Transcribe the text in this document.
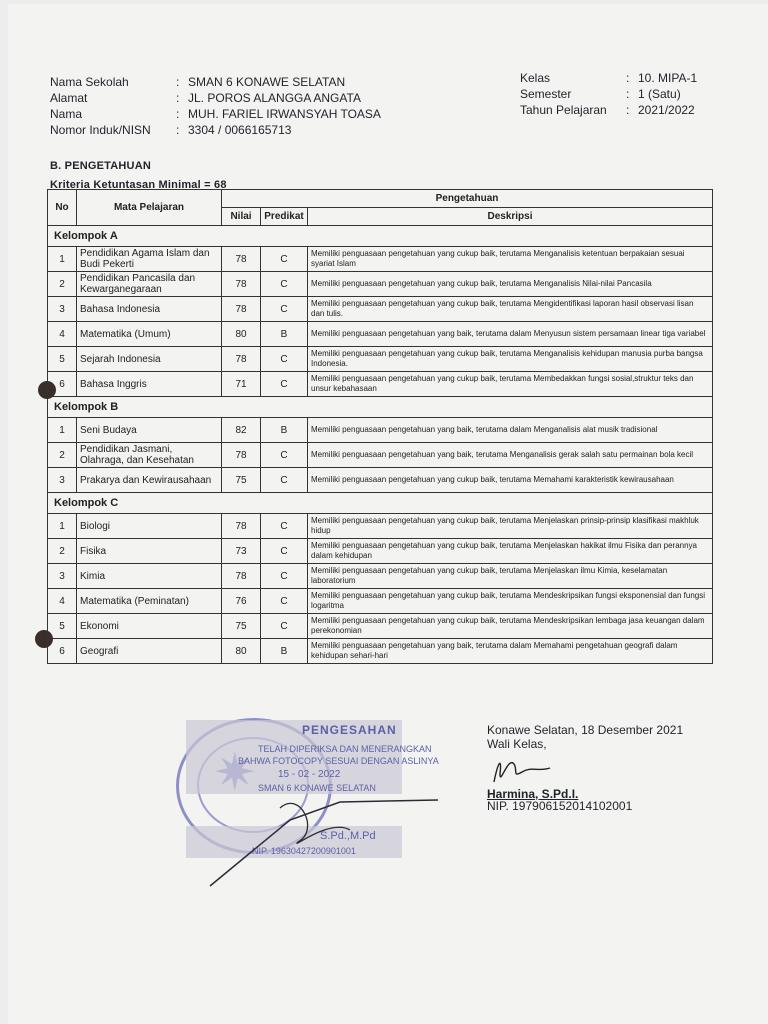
Nama Sekolah	: SMAN 6 KONAWE SELATAN
Alamat	: JL. POROS ALANGGA ANGATA
Nama	: MUH. FARIEL IRWANSYAH TOASA
Nomor Induk/NISN	: 3304 / 0066165713
Kelas	: 10. MIPA-1
Semester	: 1 (Satu)
Tahun Pelajaran	: 2021/2022
B. PENGETAHUAN
Kriteria Ketuntasan Minimal = 68
No	Mata Pelajaran	Pengetahuan		
		Nilai	Predikat	Deskripsi
Kelompok A				
1	Pendidikan Agama Islam dan Budi Pekerti	78	C	Memiliki penguasaan pengetahuan yang cukup baik, terutama Menganalisis ketentuan berpakaian sesuai syariat Islam
2	Pendidikan Pancasila dan Kewarganegaraan	78	C	Memiliki penguasaan pengetahuan yang cukup baik, terutama Menganalisis Nilai-nilai Pancasila
3	Bahasa Indonesia	78	C	Memiliki penguasaan pengetahuan yang cukup baik, terutama Mengidentifikasi laporan hasil observasi lisan dan tulis.
4	Matematika (Umum)	80	B	Memiliki penguasaan pengetahuan yang baik, terutama dalam Menyusun sistem persamaan linear tiga variabel
5	Sejarah Indonesia	78	C	Memiliki penguasaan pengetahuan yang cukup baik, terutama Menganalisis kehidupan manusia purba bangsa Indonesia.
6	Bahasa Inggris	71	C	Memiliki penguasaan pengetahuan yang cukup baik, terutama Membedakkan fungsi sosial,struktur teks dan unsur kebahasaan
Kelompok B				
1	Seni Budaya	82	B	Memiliki penguasaan pengetahuan yang baik, terutama dalam Menganalisis alat musik tradisional
2	Pendidikan Jasmani, Olahraga, dan Kesehatan	78	C	Memiliki penguasaan pengetahuan yang baik, terutama Menganalisis gerak salah satu permainan bola kecil
3	Prakarya dan Kewirausahaan	75	C	Memiliki penguasaan pengetahuan yang cukup baik, terutama Memahami karakteristik kewirausahaan
Kelompok C				
1	Biologi	78	C	Memiliki penguasaan pengetahuan yang cukup baik, terutama Menjelaskan prinsip-prinsip klasifikasi makhluk hidup
2	Fisika	73	C	Memiliki penguasaan pengetahuan yang cukup baik, terutama Menjelaskan hakikat ilmu Fisika dan perannya dalam kehidupan
3	Kimia	78	C	Memiliki penguasaan pengetahuan yang cukup baik, terutama Menjelaskan ilmu Kimia, keselamatan laboratorium
4	Matematika (Peminatan)	76	C	Memiliki penguasaan pengetahuan yang cukup baik, terutama Mendeskripsikan fungsi eksponensial dan fungsi logaritma
5	Ekonomi	75	C	Memiliki penguasaan pengetahuan yang cukup baik, terutama Mendeskripsikan lembaga jasa keuangan dalam perekonomian
6	Geografi	80	B	Memiliki penguasaan pengetahuan yang baik, terutama dalam Memahami pengetahuan geografi dalam kehidupan sehari-hari
PENGESAHAN
TELAH DIPERIKSA DAN MENERANGKAN
BAHWA FOTOCOPY SESUAI DENGAN ASLINYA
15 - 02 - 2022
SMAN 6 KONAWE SELATAN
S.Pd.,M.Pd
NIP. 19630427200901001
Konawe Selatan, 18 Desember 2021
Wali Kelas,
Harmina, S.Pd.I.
NIP. 197906152014102001
